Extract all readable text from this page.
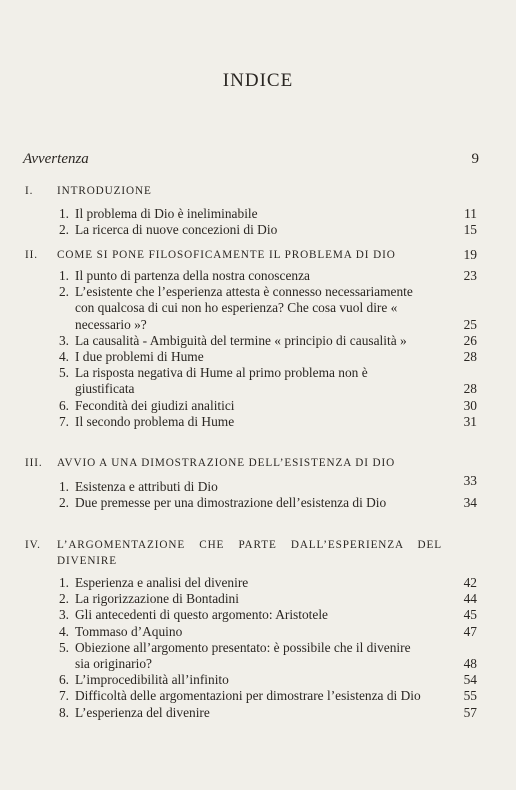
INDICE
Avvertenza	9
I. INTRODUZIONE
1. Il problema di Dio è ineliminabile	11
2. La ricerca di nuove concezioni di Dio	15
II. COME SI PONE FILOSOFICAMENTE IL PROBLEMA DI DIO	19
1. Il punto di partenza della nostra conoscenza	23
2. L’esistente che l’esperienza attesta è connesso necessariamente con qualcosa di cui non ho esperienza? Che cosa vuol dire « necessario »?	25
3. La causalità - Ambiguità del termine « principio di causalità »	26
4. I due problemi di Hume	28
5. La risposta negativa di Hume al primo problema non è giustificata	28
6. Fecondità dei giudizi analitici	30
7. Il secondo problema di Hume	31
III. AVVIO A UNA DIMOSTRAZIONE DELL’ESISTENZA DI DIO
1. Esistenza e attributi di Dio	33
2. Due premesse per una dimostrazione dell’esistenza di Dio	34
IV. L’ARGOMENTAZIONE CHE PARTE DALL’ESPERIENZA DEL DIVENIRE
1. Esperienza e analisi del divenire	42
2. La rigorizzazione di Bontadini	44
3. Gli antecedenti di questo argomento: Aristotele	45
4. Tommaso d’Aquino	47
5. Obiezione all’argomento presentato: è possibile che il divenire sia originario?	48
6. L’improcedibilità all’infinito	54
7. Difficoltà delle argomentazioni per dimostrare l’esistenza di Dio	55
8. L’esperienza del divenire	57
